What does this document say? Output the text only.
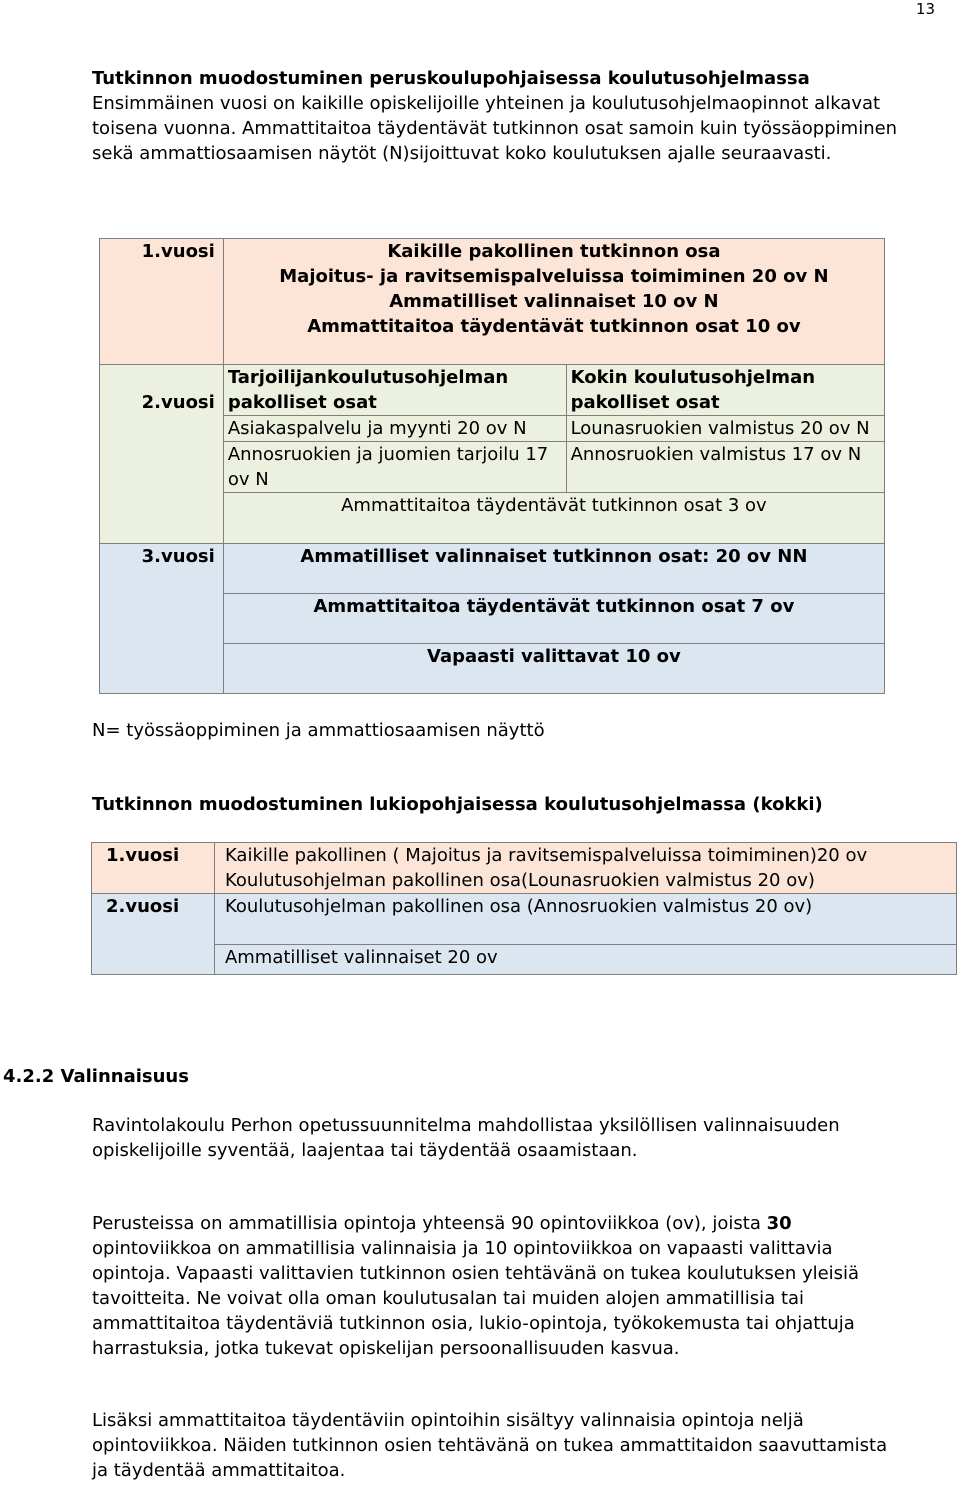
13
Tutkinnon muodostuminen peruskoulupohjaisessa koulutusohjelmassa
Ensimmäinen vuosi on kaikille opiskelijoille yhteinen ja koulutusohjelmaopinnot alkavat toisena vuonna. Ammattitaitoa täydentävät tutkinnon osat samoin kuin työssäoppiminen sekä ammattiosaamisen näytöt (N)sijoittuvat koko koulutuksen ajalle seuraavasti.
1.vuosi	Kaikille pakollinen tutkinnon osa
Majoitus- ja ravitsemispalveluissa toimiminen 20 ov N
Ammatilliset valinnaiset 10 ov N
Ammattitaitoa täydentävät tutkinnon osat 10 ov	

2.vuosi	Tarjoilijankoulutusohjelman pakolliset osat	Kokin koulutusohjelman pakolliset osat
	Asiakaspalvelu ja myynti 20 ov N	Lounasruokien valmistus 20 ov N
	Annosruokien ja juomien tarjoilu 17 ov N	Annosruokien valmistus 17 ov N
	Ammattitaitoa täydentävät tutkinnon osat 3 ov	
3.vuosi	Ammatilliset valinnaiset tutkinnon osat: 20 ov NN	
	Ammattitaitoa täydentävät tutkinnon osat 7 ov	
	Vapaasti valittavat 10 ov	
N= työssäoppiminen ja ammattiosaamisen näyttö
Tutkinnon muodostuminen lukiopohjaisessa koulutusohjelmassa (kokki)
1.vuosi	Kaikille pakollinen ( Majoitus ja ravitsemispalveluissa toimiminen)20 ov
Koulutusohjelman pakollinen osa(Lounasruokien valmistus 20 ov)

2.vuosi	Koulutusohjelman pakollinen osa (Annosruokien valmistus 20 ov)
	Ammatilliset valinnaiset 20 ov
4.2.2 Valinnaisuus
Ravintolakoulu Perhon opetussuunnitelma mahdollistaa yksilöllisen valinnaisuuden opiskelijoille syventää, laajentaa tai täydentää osaamistaan.
Perusteissa on ammatillisia opintoja yhteensä 90 opintoviikkoa (ov), joista 30 opintoviikkoa on ammatillisia valinnaisia ja 10 opintoviikkoa on vapaasti valittavia opintoja. Vapaasti valittavien tutkinnon osien tehtävänä on tukea koulutuksen yleisiä tavoitteita. Ne voivat olla oman koulutusalan tai muiden alojen ammatillisia tai ammattitaitoa täydentäviä tutkinnon osia, lukio-opintoja, työkokemusta tai ohjattuja harrastuksia, jotka tukevat opiskelijan persoonallisuuden kasvua.
Lisäksi ammattitaitoa täydentäviin opintoihin sisältyy valinnaisia opintoja neljä opintoviikkoa. Näiden tutkinnon osien tehtävänä on tukea ammattitaidon saavuttamista ja täydentää ammattitaitoa.
